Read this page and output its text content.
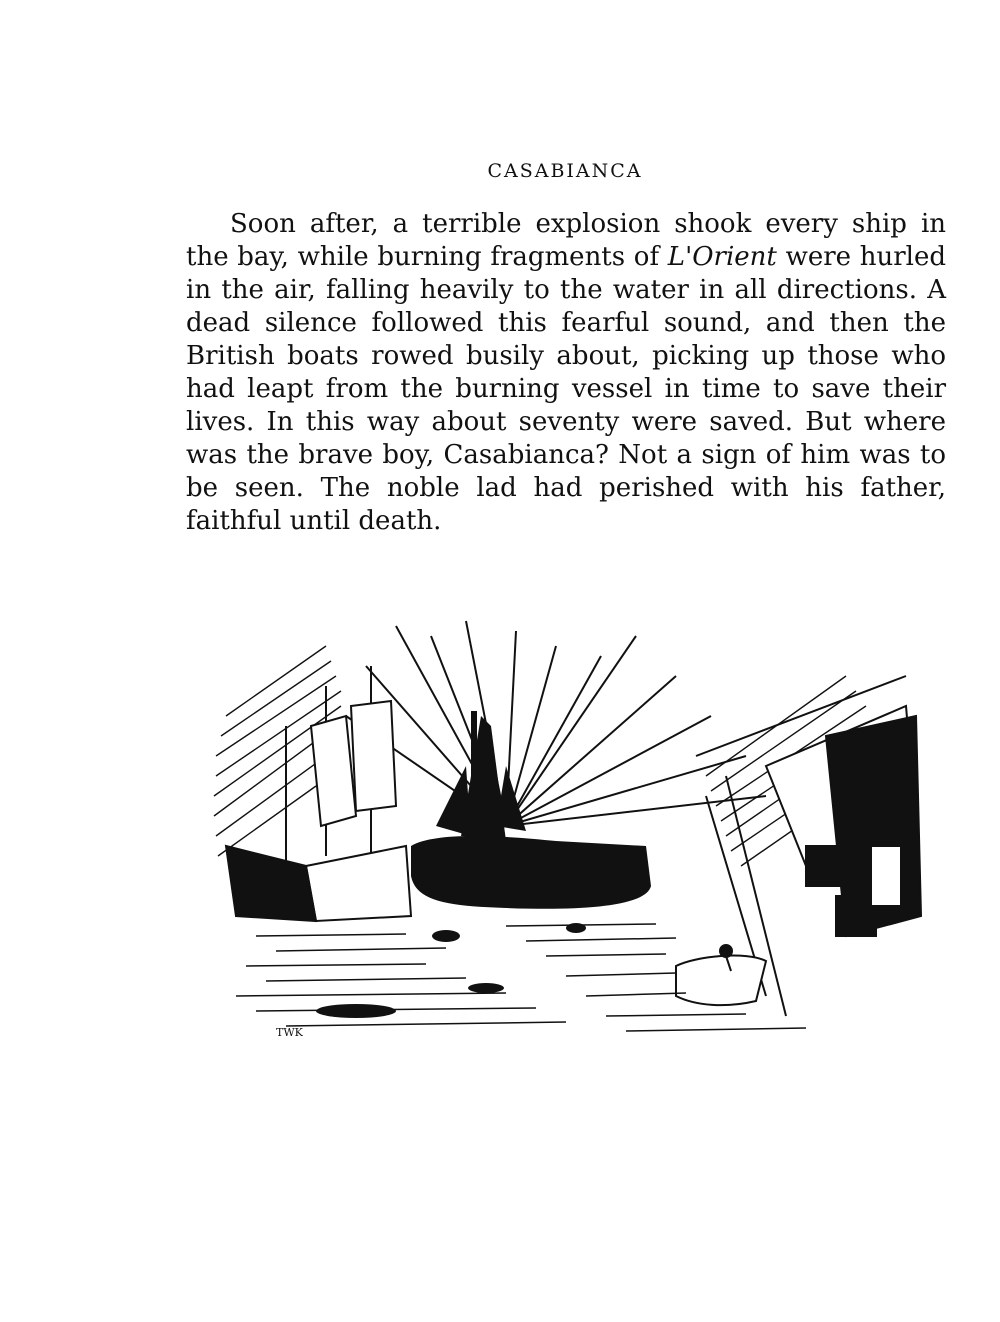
CASABIANCA

Soon after, a terrible explosion shook every ship in the bay, while burning fragments of L'Orient were hurled in the air, falling heavily to the water in all directions. A dead silence followed this fearful sound, and then the British boats rowed busily about, picking up those who had leapt from the burning vessel in time to save their lives. In this way about seventy were saved. But where was the brave boy, Casabianca? Not a sign of him was to be seen. The noble lad had perished with his father, faithful until death.

TWK
